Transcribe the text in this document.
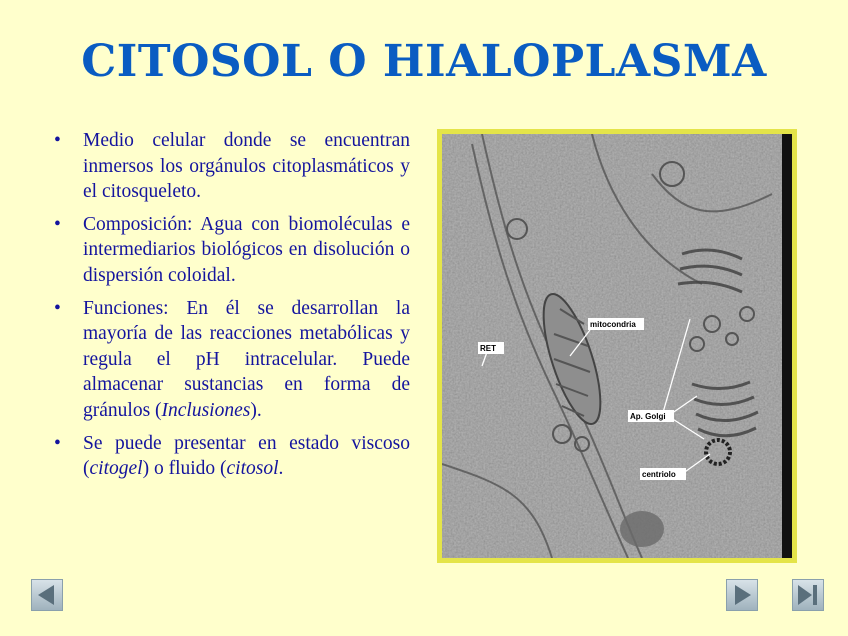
CITOSOL O HIALOPLASMA
• Medio celular donde se encuentran inmersos los orgánulos citoplasmáticos y el citosqueleto.
• Composición: Agua con biomoléculas e intermediarios biológicos en disolución o dispersión coloidal.
• Funciones: En él se desarrollan la mayoría de las reacciones metabólicas y regula el pH intracelular. Puede almacenar sustancias en forma de gránulos (Inclusiones).
• Se puede presentar en estado viscoso (citogel) o fluido (citosol.
RET
mitocondria
Ap. Golgi
centriolo
